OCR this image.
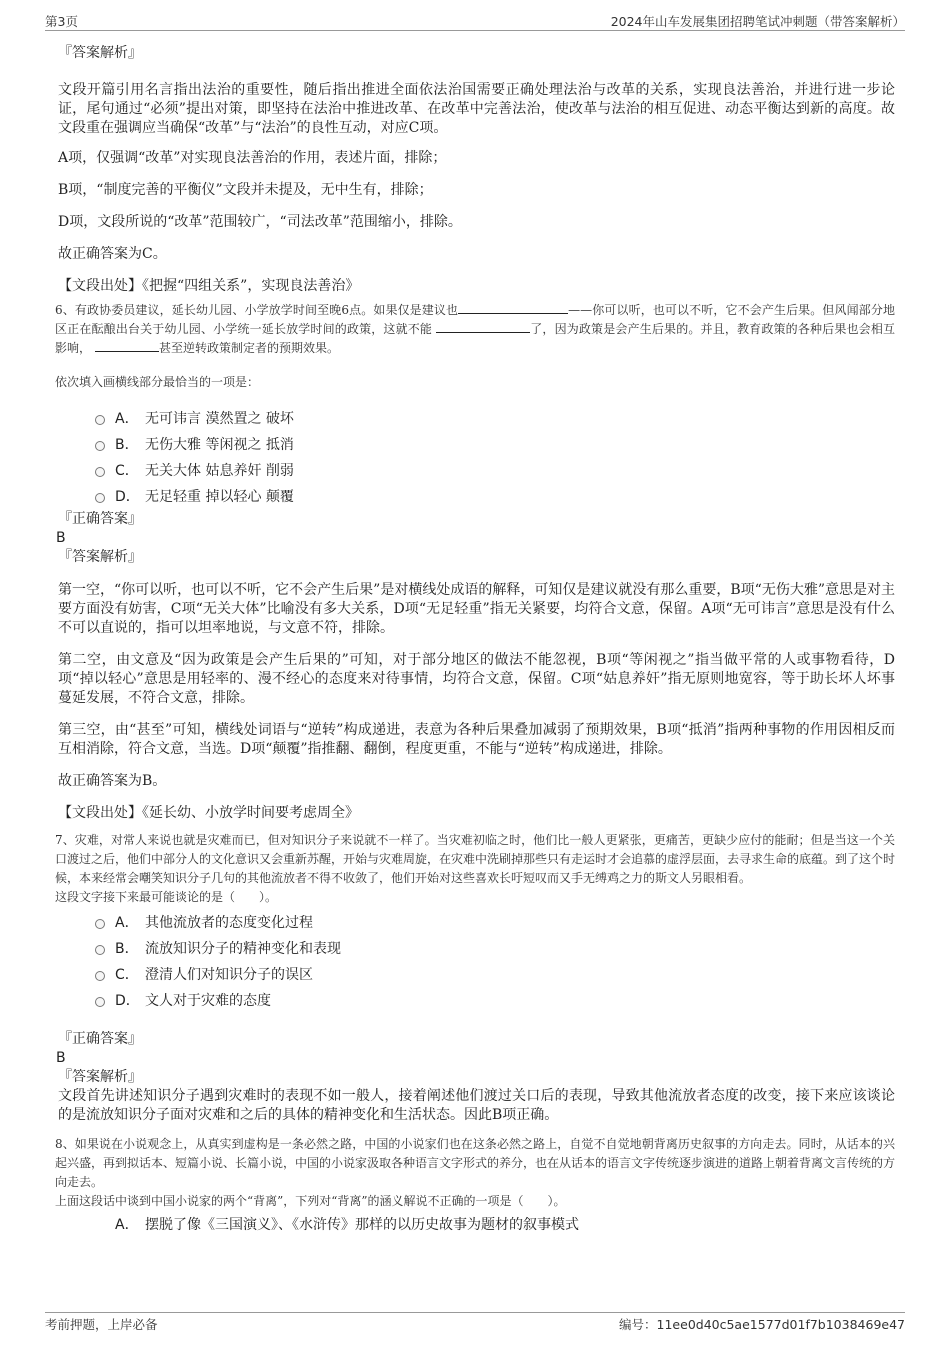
第3页	2024年山车发展集团招聘笔试冲刺题（带答案解析）

『答案解析』

文段开篇引用名言指出法治的重要性，随后指出推进全面依法治国需要正确处理法治与改革的关系，实现良法善治，并进行进一步论证，尾句通过“必须”提出对策，即坚持在法治中推进改革、在改革中完善法治，使改革与法治的相互促进、动态平衡达到新的高度。故文段重在强调应当确保“改革”与“法治”的良性互动，对应C项。

A项，仅强调“改革”对实现良法善治的作用，表述片面，排除；

B项，“制度完善的平衡仪”文段并未提及，无中生有，排除；

D项，文段所说的“改革”范围较广，“司法改革”范围缩小，排除。

故正确答案为C。

【文段出处】《把握“四组关系”，实现良法善治》

6、有政协委员建议，延长幼儿园、小学放学时间至晚6点。如果仅是建议也	——你可以听，也可以不听，它不会产生后果。但风闻部分地区正在酝酿出台关于幼儿园、小学统一延长放学时间的政策，这就不能	了，因为政策是会产生后果的。并且，教育政策的各种后果也会相互影响，	甚至逆转政策制定者的预期效果。

依次填入画横线部分最恰当的一项是：

A． 无可讳言 漠然置之 破坏
B． 无伤大雅 等闲视之 抵消
C． 无关大体 姑息养奸 削弱
D． 无足轻重 掉以轻心 颠覆

『正确答案』

B

『答案解析』

第一空，“你可以听，也可以不听，它不会产生后果”是对横线处成语的解释，可知仅是建议就没有那么重要，B项“无伤大雅”意思是对主要方面没有妨害，C项“无关大体”比喻没有多大关系，D项“无足轻重”指无关紧要，均符合文意，保留。A项“无可讳言”意思是没有什么不可以直说的，指可以坦率地说，与文意不符，排除。

第二空，由文意及“因为政策是会产生后果的”可知，对于部分地区的做法不能忽视，B项“等闲视之”指当做平常的人或事物看待，D项“掉以轻心”意思是用轻率的、漫不经心的态度来对待事情，均符合文意，保留。C项“姑息养奸”指无原则地宽容，等于助长坏人坏事蔓延发展，不符合文意，排除。

第三空，由“甚至”可知，横线处词语与“逆转”构成递进，表意为各种后果叠加减弱了预期效果，B项“抵消”指两种事物的作用因相反而互相消除，符合文意，当选。D项“颠覆”指推翻、翻倒，程度更重，不能与“逆转”构成递进，排除。

故正确答案为B。

【文段出处】《延长幼、小放学时间要考虑周全》

7、灾难，对常人来说也就是灾难而已，但对知识分子来说就不一样了。当灾难初临之时，他们比一般人更紧张，更痛苦，更缺少应付的能耐；但是当这一个关口渡过之后，他们中部分人的文化意识又会重新苏醒，开始与灾难周旋，在灾难中洗刷掉那些只有走运时才会追慕的虚浮层面，去寻求生命的底蕴。到了这个时候，本来经常会嘲笑知识分子几句的其他流放者不得不收敛了，他们开始对这些喜欢长吁短叹而又手无缚鸡之力的斯文人另眼相看。

这段文字接下来最可能谈论的是（　　）。

A． 其他流放者的态度变化过程
B． 流放知识分子的精神变化和表现
C． 澄清人们对知识分子的误区
D． 文人对于灾难的态度

『正确答案』

B

『答案解析』

文段首先讲述知识分子遇到灾难时的表现不如一般人，接着阐述他们渡过关口后的表现，导致其他流放者态度的改变，接下来应该谈论的是流放知识分子面对灾难和之后的具体的精神变化和生活状态。因此B项正确。

8、如果说在小说观念上，从真实到虚构是一条必然之路，中国的小说家们也在这条必然之路上，自觉不自觉地朝背离历史叙事的方向走去。同时，从话本的兴起兴盛，再到拟话本、短篇小说、长篇小说，中国的小说家汲取各种语言文字形式的养分，也在从话本的语言文字传统逐步演进的道路上朝着背离文言传统的方向走去。

上面这段话中谈到中国小说家的两个“背离”，下列对“背离”的涵义解说不正确的一项是（　　）。

A． 摆脱了像《三国演义》、《水浒传》那样的以历史故事为题材的叙事模式
考前押题，上岸必备	编号：11ee0d40c5ae1577d01f7b1038469e47
